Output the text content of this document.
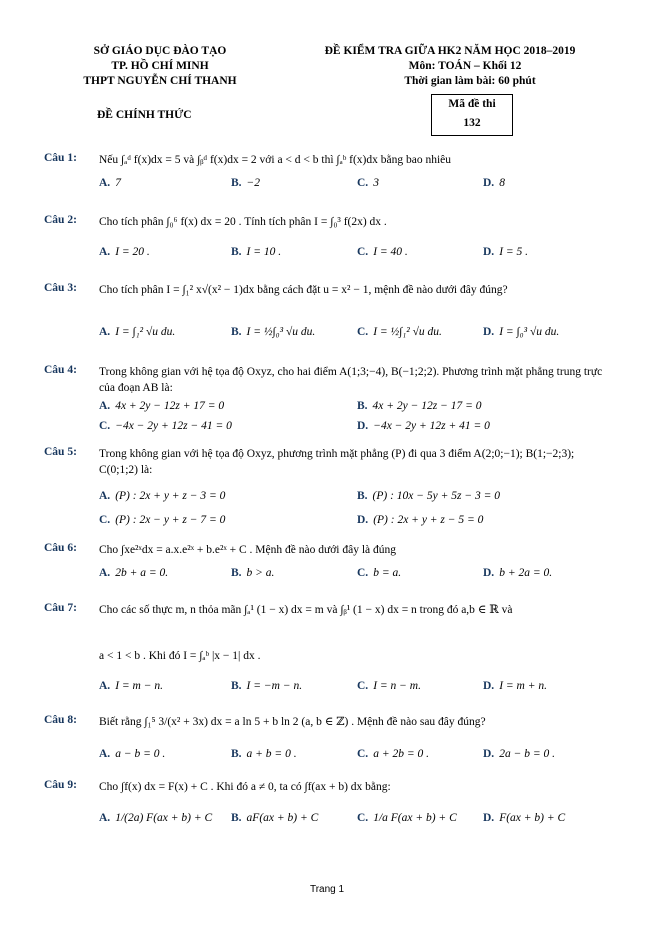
SỞ GIÁO DỤC ĐÀO TẠO
TP. HỒ CHÍ MINH
THPT NGUYỄN CHÍ THANH
ĐỀ KIỂM TRA GIỮA HK2 NĂM HỌC 2018–2019
Môn: TOÁN – Khối 12
Thời gian làm bài: 60 phút
ĐỀ CHÍNH THỨC
Mã đề thi
132
Câu 1: Nếu ∫ₐᵈ f(x)dx = 5 và ∫ᵦᵈ f(x)dx = 2 với a < d < b thì ∫ₐᵇ f(x)dx bằng bao nhiêu
A. 7	B. −2	C. 3	D. 8
Câu 2: Cho tích phân ∫₀⁶ f(x) dx = 20 . Tính tích phân I = ∫₀³ f(2x) dx .
A. I = 20 .	B. I = 10 .	C. I = 40 .	D. I = 5 .
Câu 3: Cho tích phân I = ∫₁² x√(x² − 1)dx bằng cách đặt u = x² − 1, mệnh đề nào dưới đây đúng?
A. I = ∫₁² √u du.	B. I = ½∫₀³ √u du.	C. I = ½∫₁² √u du.	D. I = ∫₀³ √u du.
Câu 4: Trong không gian với hệ tọa độ Oxyz, cho hai điểm A(1;3;−4), B(−1;2;2). Phương trình mặt phẳng trung trực của đoạn AB là:
A. 4x + 2y − 12z + 17 = 0	B. 4x + 2y − 12z − 17 = 0
C. −4x − 2y + 12z − 41 = 0	D. −4x − 2y + 12z + 41 = 0
Câu 5: Trong không gian với hệ tọa độ Oxyz, phương trình mặt phẳng (P) đi qua 3 điểm A(2;0;−1); B(1;−2;3); C(0;1;2) là:
A. (P) : 2x + y + z − 3 = 0	B. (P) : 10x − 5y + 5z − 3 = 0
C. (P) : 2x − y + z − 7 = 0	D. (P) : 2x + y + z − 5 = 0
Câu 6: Cho ∫xe²ˣdx = a.x.e²ˣ + b.e²ˣ + C . Mệnh đề nào dưới đây là đúng
A. 2b + a = 0.	B. b > a.	C. b = a.	D. b + 2a = 0.
Câu 7: Cho các số thực m, n thỏa mãn ∫ₐ¹ (1 − x) dx = m và ∫ᵦ¹ (1 − x) dx = n trong đó a,b ∈ ℝ và
a < 1 < b . Khi đó I = ∫ₐᵇ |x − 1| dx .
A. I = m − n.	B. I = −m − n.	C. I = n − m.	D. I = m + n.
Câu 8: Biết rằng ∫₁⁵ 3/(x² + 3x) dx = a ln 5 + b ln 2 (a, b ∈ ℤ) . Mệnh đề nào sau đây đúng?
A. a − b = 0 .	B. a + b = 0 .	C. a + 2b = 0 .	D. 2a − b = 0 .
Câu 9: Cho ∫f(x) dx = F(x) + C . Khi đó a ≠ 0, ta có ∫f(ax + b) dx bằng:
A. 1/(2a) F(ax + b) + C B. aF(ax + b) + C	C. 1/a F(ax + b) + C D. F(ax + b) + C
Trang 1
